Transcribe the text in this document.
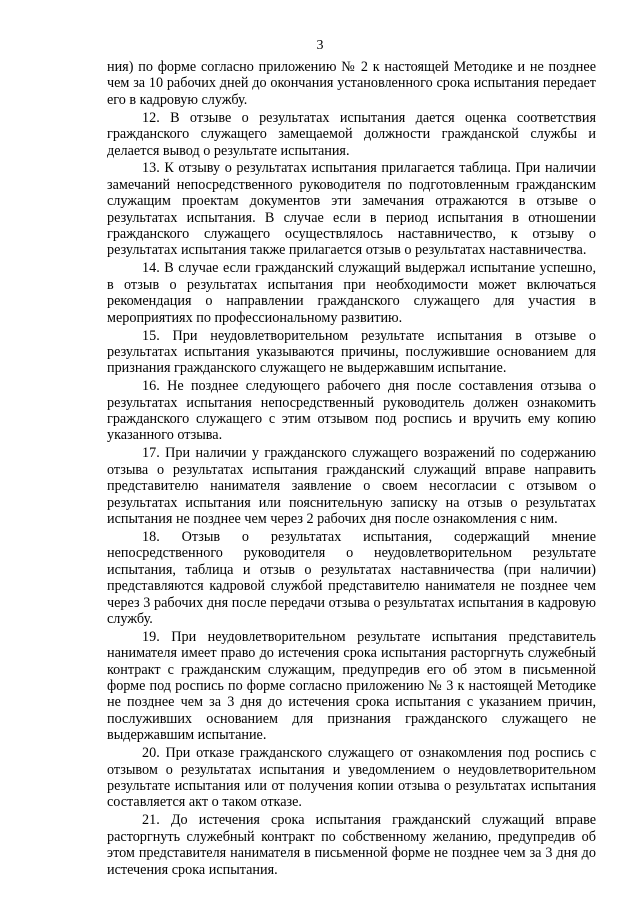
3

ния) по форме согласно приложению № 2 к настоящей Методике и не позднее чем за 10 рабочих дней до окончания установленного срока испытания передает его в кадровую службу.

12. В отзыве о результатах испытания дается оценка соответствия гражданского служащего замещаемой должности гражданской службы и делается вывод о результате испытания.

13. К отзыву о результатах испытания прилагается таблица. При наличии замечаний непосредственного руководителя по подготовленным гражданским служащим проектам документов эти замечания отражаются в отзыве о результатах испытания. В случае если в период испытания в отношении гражданского служащего осуществлялось наставничество, к отзыву о результатах испытания также прилагается отзыв о результатах наставничества.

14. В случае если гражданский служащий выдержал испытание успешно, в отзыв о результатах испытания при необходимости может включаться рекомендация о направлении гражданского служащего для участия в мероприятиях по профессиональному развитию.

15. При неудовлетворительном результате испытания в отзыве о результатах испытания указываются причины, послужившие основанием для признания гражданского служащего не выдержавшим испытание.

16. Не позднее следующего рабочего дня после составления отзыва о результатах испытания непосредственный руководитель должен ознакомить гражданского служащего с этим отзывом под роспись и вручить ему копию указанного отзыва.

17. При наличии у гражданского служащего возражений по содержанию отзыва о результатах испытания гражданский служащий вправе направить представителю нанимателя заявление о своем несогласии с отзывом о результатах испытания или пояснительную записку на отзыв о результатах испытания не позднее чем через 2 рабочих дня после ознакомления с ним.

18. Отзыв о результатах испытания, содержащий мнение непосредственного руководителя о неудовлетворительном результате испытания, таблица и отзыв о результатах наставничества (при наличии) представляются кадровой службой представителю нанимателя не позднее чем через 3 рабочих дня после передачи отзыва о результатах испытания в кадровую службу.

19. При неудовлетворительном результате испытания представитель нанимателя имеет право до истечения срока испытания расторгнуть служебный контракт с гражданским служащим, предупредив его об этом в письменной форме под роспись по форме согласно приложению № 3 к настоящей Методике не позднее чем за 3 дня до истечения срока испытания с указанием причин, послуживших основанием для признания гражданского служащего не выдержавшим испытание.

20. При отказе гражданского служащего от ознакомления под роспись с отзывом о результатах испытания и уведомлением о неудовлетворительном результате испытания или от получения копии отзыва о результатах испытания составляется акт о таком отказе.

21. До истечения срока испытания гражданский служащий вправе расторгнуть служебный контракт по собственному желанию, предупредив об этом представителя нанимателя в письменной форме не позднее чем за 3 дня до истечения срока испытания.
